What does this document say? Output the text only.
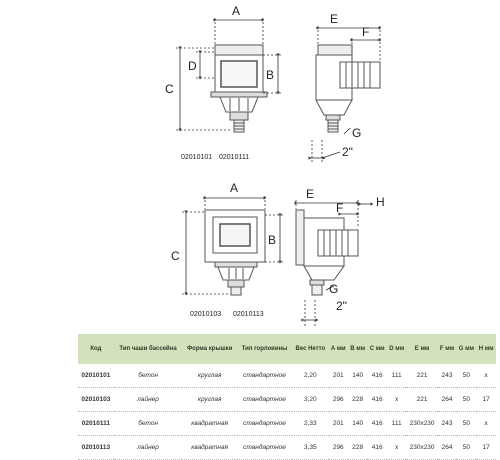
A
B
C
D
02010101 02010111
E
F
G
2"
A
B
C
02010103 02010113
E
F	H
G
2"
Код	Тип чаши бассейна	Форма крышки	Тип горловины	Вес Нетто	A мм	B мм	C мм	D мм	E мм	F мм	G мм	H мм
02010101	бетон	круглая	стандартное	2,20	201	140	416	111	221	243	50	x
02010103	лайнер	круглая	стандартное	3,20	296	228	416	x	221	264	50	17
02010111	бетон	квадратная	стандартное	2,33	201	140	416	111	230x230	243	50	x
02010113	лайнер	квадратная	стандартное	3,35	296	228	416	x	230x230	264	50	17
